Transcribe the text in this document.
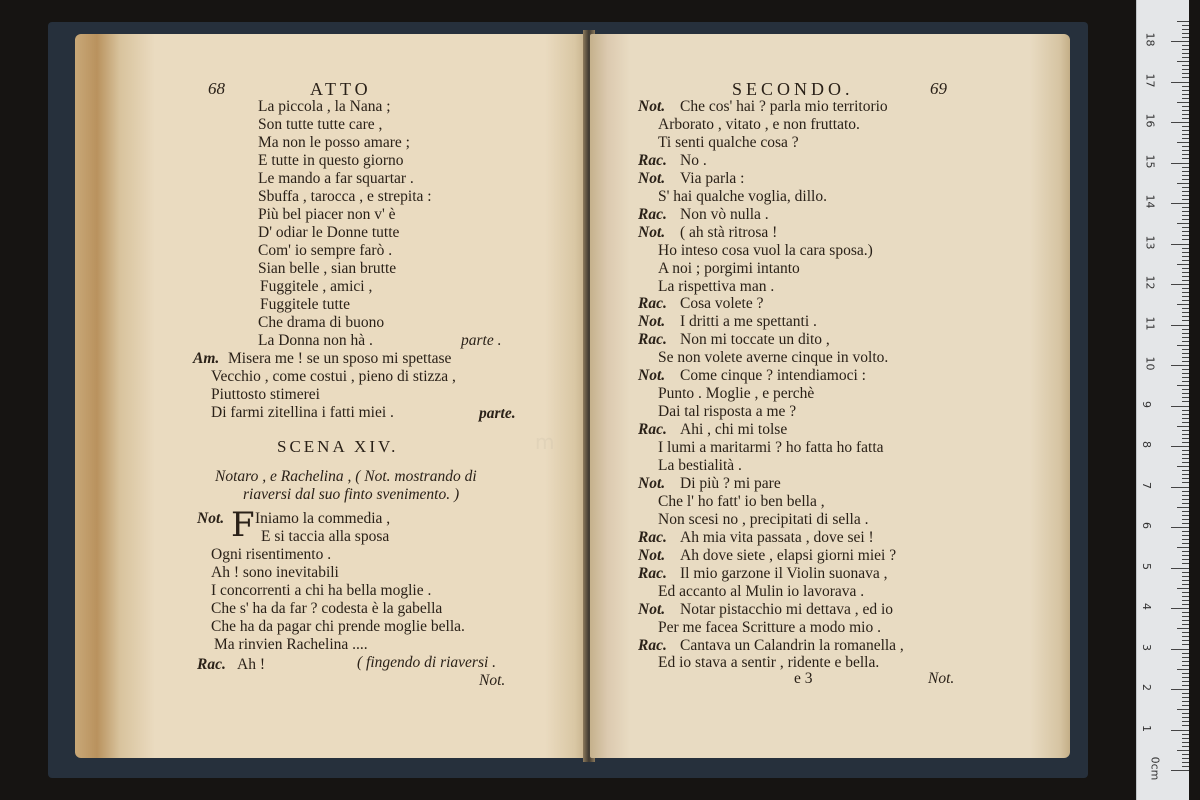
68	ATTO
La piccola , la Nana ;
Son tutte tutte care ,
Ma non le posso amare ;
E tutte in questo giorno
Le mando a far squartar .
Sbuffa , tarocca , e strepita :
Più bel piacer non v' è
D' odiar le Donne tutte
Com' io sempre farò .
Sian belle , sian brutte
Fuggitele , amici ,
Fuggitele tutte
Che drama di buono
La Donna non hà .
Am. Misera me ! se un sposo mi spettase
Vecchio , come costui , pieno di stizza ,
Piuttosto stimerei
Di farmi zitellina i fatti miei .
parte .
parte.
SCENA XIV.
Notaro , e Rachelina , ( Not. mostrando di
riaversi dal suo finto svenimento. )
F
Not. Iniamo la commedia ,
E si taccia alla sposa
Ogni risentimento .
Ah ! sono inevitabili
I concorrenti a chi ha bella moglie .
Che s' ha da far ? codesta è la gabella
Che ha da pagar chi prende moglie bella.
Ma rinvien Rachelina ....
Rac. Ah !	( fingendo di riaversi .
Not.
SECONDO.	69
Not. Che cos' hai ? parla mio territorio
Arborato , vitato , e non fruttato.
Ti senti qualche cosa ?
Rac. No .
Not. Via parla :
S' hai qualche voglia, dillo.
Rac. Non vò nulla .
Not. ( ah stà ritrosa !
Ho inteso cosa vuol la cara sposa.)
A noi ; porgimi intanto
La rispettiva man .
Rac. Cosa volete ?
Not. I dritti a me spettanti .
Rac. Non mi toccate un dito ,
Se non volete averne cinque in volto.
Not. Come cinque ? intendiamoci :
Punto . Moglie , e perchè
Dai tal risposta a me ?
Rac. Ahi , chi mi tolse
I lumi a maritarmi ? ho fatta ho fatta
La bestialità .
Not. Di più ? mi pare
Che l' ho fatt' io ben bella ,
Non scesi no , precipitati di sella .
Rac. Ah mia vita passata , dove sei !
Not. Ah dove siete , elapsi giorni miei ?
Rac. Il mio garzone il Violin suonava ,
Ed accanto al Mulin io lavorava .
Not. Notar pistacchio mi dettava , ed io
Per me facea Scritture a modo mio .
Rac. Cantava un Calandrin la romanella ,
Ed io stava a sentir , ridente e bella.
e 3	Not.
m
0cm
1
2
3
4
5
6
7
8
9
10
11
12
13
14
15
16
17
18
